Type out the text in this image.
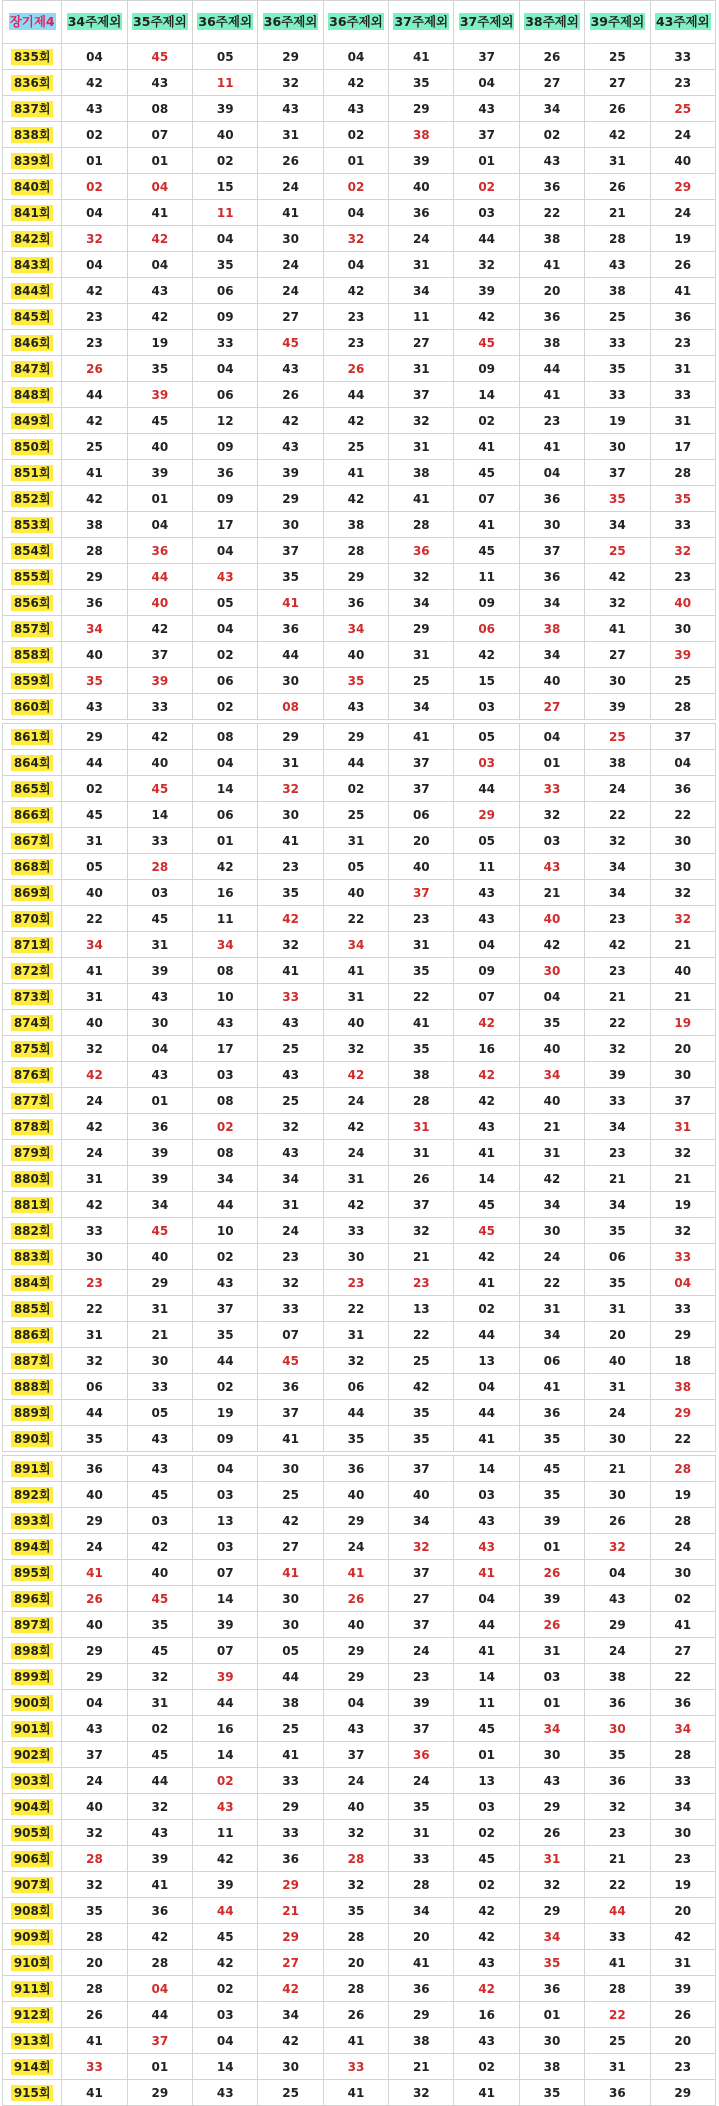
장기제4	34주제외	35주제외	36주제외	36주제외	36주제외	37주제외	37주제외	38주제외	39주제외	43주제외
835회	04	45	05	29	04	41	37	26	25	33
836회	42	43	11	32	42	35	04	27	27	23
837회	43	08	39	43	43	29	43	34	26	25
838회	02	07	40	31	02	38	37	02	42	24
839회	01	01	02	26	01	39	01	43	31	40
840회	02	04	15	24	02	40	02	36	26	29
841회	04	41	11	41	04	36	03	22	21	24
842회	32	42	04	30	32	24	44	38	28	19
843회	04	04	35	24	04	31	32	41	43	26
844회	42	43	06	24	42	34	39	20	38	41
845회	23	42	09	27	23	11	42	36	25	36
846회	23	19	33	45	23	27	45	38	33	23
847회	26	35	04	43	26	31	09	44	35	31
848회	44	39	06	26	44	37	14	41	33	33
849회	42	45	12	42	42	32	02	23	19	31
850회	25	40	09	43	25	31	41	41	30	17
851회	41	39	36	39	41	38	45	04	37	28
852회	42	01	09	29	42	41	07	36	35	35
853회	38	04	17	30	38	28	41	30	34	33
854회	28	36	04	37	28	36	45	37	25	32
855회	29	44	43	35	29	32	11	36	42	23
856회	36	40	05	41	36	34	09	34	32	40
857회	34	42	04	36	34	29	06	38	41	30
858회	40	37	02	44	40	31	42	34	27	39
859회	35	39	06	30	35	25	15	40	30	25
860회	43	33	02	08	43	34	03	27	39	28

861회	29	42	08	29	29	41	05	04	25	37
864회	44	40	04	31	44	37	03	01	38	04
865회	02	45	14	32	02	37	44	33	24	36
866회	45	14	06	30	25	06	29	32	22	22
867회	31	33	01	41	31	20	05	03	32	30
868회	05	28	42	23	05	40	11	43	34	30
869회	40	03	16	35	40	37	43	21	34	32
870회	22	45	11	42	22	23	43	40	23	32
871회	34	31	34	32	34	31	04	42	42	21
872회	41	39	08	41	41	35	09	30	23	40
873회	31	43	10	33	31	22	07	04	21	21
874회	40	30	43	43	40	41	42	35	22	19
875회	32	04	17	25	32	35	16	40	32	20
876회	42	43	03	43	42	38	42	34	39	30
877회	24	01	08	25	24	28	42	40	33	37
878회	42	36	02	32	42	31	43	21	34	31
879회	24	39	08	43	24	31	41	31	23	32
880회	31	39	34	34	31	26	14	42	21	21
881회	42	34	44	31	42	37	45	34	34	19
882회	33	45	10	24	33	32	45	30	35	32
883회	30	40	02	23	30	21	42	24	06	33
884회	23	29	43	32	23	23	41	22	35	04
885회	22	31	37	33	22	13	02	31	31	33
886회	31	21	35	07	31	22	44	34	20	29
887회	32	30	44	45	32	25	13	06	40	18
888회	06	33	02	36	06	42	04	41	31	38
889회	44	05	19	37	44	35	44	36	24	29
890회	35	43	09	41	35	35	41	35	30	22

891회	36	43	04	30	36	37	14	45	21	28
892회	40	45	03	25	40	40	03	35	30	19
893회	29	03	13	42	29	34	43	39	26	28
894회	24	42	03	27	24	32	43	01	32	24
895회	41	40	07	41	41	37	41	26	04	30
896회	26	45	14	30	26	27	04	39	43	02
897회	40	35	39	30	40	37	44	26	29	41
898회	29	45	07	05	29	24	41	31	24	27
899회	29	32	39	44	29	23	14	03	38	22
900회	04	31	44	38	04	39	11	01	36	36
901회	43	02	16	25	43	37	45	34	30	34
902회	37	45	14	41	37	36	01	30	35	28
903회	24	44	02	33	24	24	13	43	36	33
904회	40	32	43	29	40	35	03	29	32	34
905회	32	43	11	33	32	31	02	26	23	30
906회	28	39	42	36	28	33	45	31	21	23
907회	32	41	39	29	32	28	02	32	22	19
908회	35	36	44	21	35	34	42	29	44	20
909회	28	42	45	29	28	20	42	34	33	42
910회	20	28	42	27	20	41	43	35	41	31
911회	28	04	02	42	28	36	42	36	28	39
912회	26	44	03	34	26	29	16	01	22	26
913회	41	37	04	42	41	38	43	30	25	20
914회	33	01	14	30	33	21	02	38	31	23
915회	41	29	43	25	41	32	41	35	36	29
